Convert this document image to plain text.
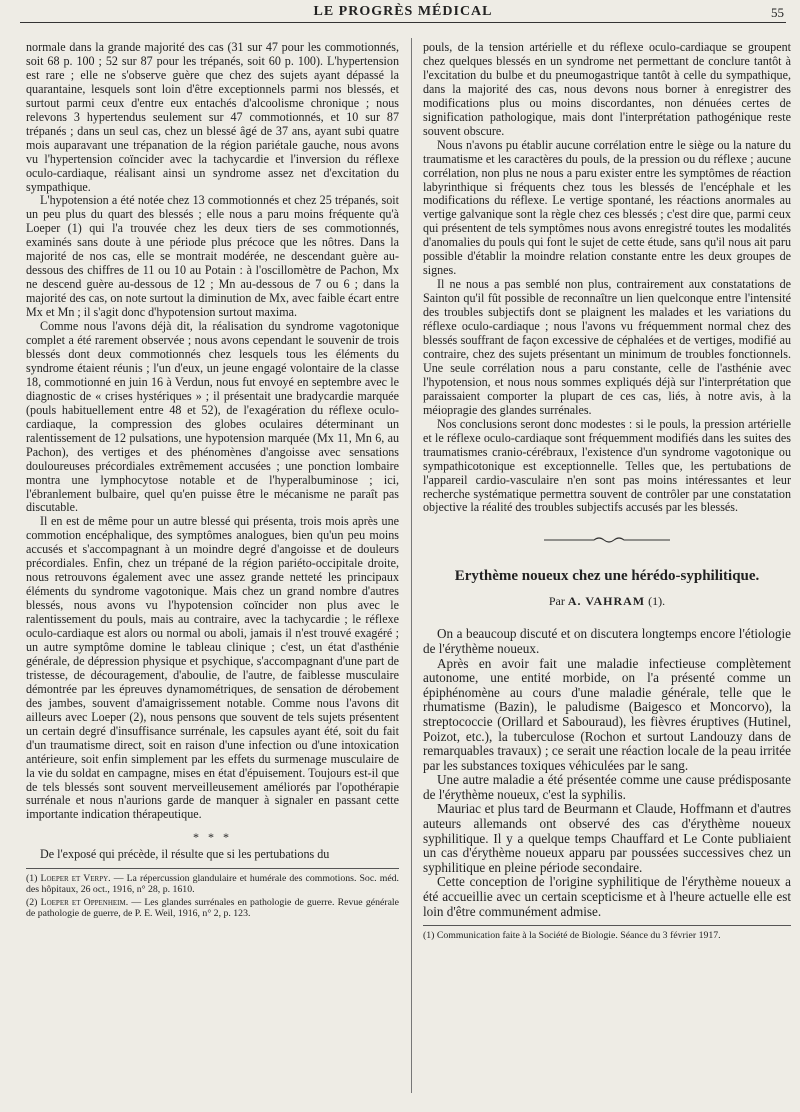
LE PROGRÈS MÉDICAL	55

normale dans la grande majorité des cas (31 sur 47 pour les commotionnés, soit 68 p. 100 ; 52 sur 87 pour les trépanés, soit 60 p. 100). L'hypertension est rare ; elle ne s'observe guère que chez des sujets ayant dépassé la quarantaine, lesquels sont loin d'être exceptionnels parmi nos blessés, et surtout parmi ceux d'entre eux entachés d'alcoolisme chronique ; nous relevons 3 hypertendus seulement sur 47 commotionnés, et 10 sur 87 trépanés ; dans un seul cas, chez un blessé âgé de 37 ans, ayant subi quatre mois auparavant une trépanation de la région pariétale gauche, nous avons vu l'hypertension coïncider avec la tachycardie et l'inversion du réflexe oculo-cardiaque, réalisant ainsi un syndrome assez net d'excitation du sympathique.

L'hypotension a été notée chez 13 commotionnés et chez 25 trépanés, soit un peu plus du quart des blessés ; elle nous a paru moins fréquente qu'à Loeper (1) qui l'a trouvée chez les deux tiers de ses commotionnés, examinés sans doute à une période plus précoce que les nôtres. Dans la majorité de nos cas, elle se montrait modérée, ne descendant guère au-dessous des chiffres de 11 ou 10 au Potain : à l'oscillomètre de Pachon, Mx ne descend guère au-dessous de 12 ; Mn au-dessous de 7 ou 6 ; dans la majorité des cas, on note surtout la diminution de Mx, avec faible écart entre Mx et Mn ; il s'agit donc d'hypotension surtout maxima.

Comme nous l'avons déjà dit, la réalisation du syndrome vagotonique complet a été rarement observée ; nous avons cependant le souvenir de trois blessés dont deux commotionnés chez lesquels tous les éléments du syndrome étaient réunis ; l'un d'eux, un jeune engagé volontaire de la classe 18, commotionné en juin 16 à Verdun, nous fut envoyé en septembre avec le diagnostic de « crises hystériques » ; il présentait une bradycardie marquée (pouls habituellement entre 48 et 52), de l'exagération du réflexe oculo-cardiaque, la compression des globes oculaires déterminant un ralentissement de 12 pulsations, une hypotension marquée (Mx 11, Mn 6, au Pachon), des vertiges et des phénomènes d'angoisse avec sensations douloureuses précordiales extrêmement accusées ; une ponction lombaire montra une lymphocytose notable et de l'hyperalbuminose ; ici, l'ébranlement bulbaire, quel qu'en puisse être le mécanisme ne paraît pas discutable.

Il en est de même pour un autre blessé qui présenta, trois mois après une commotion encéphalique, des symptômes analogues, bien qu'un peu moins accusés et s'accompagnant à un moindre degré d'angoisse et de douleurs précordiales. Enfin, chez un trépané de la région pariéto-occipitale droite, nous retrouvons également avec une assez grande netteté les principaux éléments du syndrome vagotonique. Mais chez un grand nombre d'autres blessés, nous avons vu l'hypotension coïncider non plus avec le ralentissement du pouls, mais au contraire, avec la tachycardie ; le réflexe oculo-cardiaque est alors ou normal ou aboli, jamais il n'est trouvé exagéré ; un autre symptôme domine le tableau clinique ; c'est, un état d'asthénie générale, de dépression physique et psychique, s'accompagnant d'une part de tristesse, de découragement, d'aboulie, de l'autre, de faiblesse musculaire démontrée par les épreuves dynamométriques, de sensation de dérobement des jambes, souvent d'amaigrissement notable. Comme nous l'avons dit ailleurs avec Loeper (2), nous pensons que souvent de tels sujets présentent un certain degré d'insuffisance surrénale, les capsules ayant été, soit du fait d'un traumatisme direct, soit en raison d'une infection ou d'une intoxication antérieure, soit enfin simplement par les effets du surmenage musculaire de la vie du soldat en campagne, mises en état d'épuisement. Toujours est-il que de tels blessés sont souvent merveilleusement améliorés par l'opothérapie surrénale et nous n'aurions garde de manquer à signaler en passant cette importante indication thérapeutique.

* * *

De l'exposé qui précède, il résulte que si les pertubations du

(1) Loeper et Verpy. — La répercussion glandulaire et humérale des commotions. Soc. méd. des hôpitaux, 26 oct., 1916, n° 28, p. 1610.

(2) Loeper et Oppenheim. — Les glandes surrénales en pathologie de guerre. Revue générale de pathologie de guerre, de P. E. Weil, 1916, n° 2, p. 123.

pouls, de la tension artérielle et du réflexe oculo-cardiaque se groupent chez quelques blessés en un syndrome net permettant de conclure tantôt à l'excitation du bulbe et du pneumogastrique tantôt à celle du sympathique, dans la majorité des cas, nous devons nous borner à enregistrer des modifications plus ou moins discordantes, non dénuées certes de signification pathologique, mais dont l'interprétation pathogénique reste souvent obscure.

Nous n'avons pu établir aucune corrélation entre le siège ou la nature du traumatisme et les caractères du pouls, de la pression ou du réflexe ; aucune corrélation, non plus ne nous a paru exister entre les symptômes de réaction labyrinthique si fréquents chez tous les blessés de l'encéphale et les modifications du réflexe. Le vertige spontané, les réactions anormales au vertige galvanique sont la règle chez ces blessés ; c'est dire que, parmi ceux qui présentent de tels symptômes nous avons enregistré toutes les modalités d'anomalies du pouls qui font le sujet de cette étude, sans qu'il nous ait paru possible d'établir la moindre relation constante entre les deux groupes de signes.

Il ne nous a pas semblé non plus, contrairement aux constatations de Sainton qu'il fût possible de reconnaître un lien quelconque entre l'intensité des troubles subjectifs dont se plaignent les malades et les variations du réflexe oculo-cardiaque ; nous l'avons vu fréquemment normal chez des blessés souffrant de façon excessive de céphalées et de vertiges, modifié au contraire, chez des sujets présentant un minimum de troubles fonctionnels. Une seule corrélation nous a paru constante, celle de l'asthénie avec l'hypotension, et nous nous sommes expliqués déjà sur l'interprétation que paraissaient comporter la plupart de ces cas, liés, à notre avis, à la méiopragie des glandes surrénales.

Nos conclusions seront donc modestes : si le pouls, la pression artérielle et le réflexe oculo-cardiaque sont fréquemment modifiés dans les suites des traumatismes cranio-cérébraux, l'existence d'un syndrome vagotonique ou sympathicotonique est exceptionnelle. Telles que, les pertubations de l'appareil cardio-vasculaire n'en sont pas moins intéressantes et leur recherche systématique permettra souvent de contrôler par une constatation objective la réalité des troubles subjectifs accusés par les blessés.

Erythème noueux chez une hérédo-syphilitique.
Par A. VAHRAM (1).

On a beaucoup discuté et on discutera longtemps encore l'étiologie de l'érythème noueux.

Après en avoir fait une maladie infectieuse complètement autonome, une entité morbide, on l'a présenté comme un épiphénomène au cours d'une maladie générale, telle que le rhumatisme (Bazin), le paludisme (Baigesco et Moncorvo), la streptococcie (Orillard et Sabouraud), les fièvres éruptives (Hutinel, Poizot, etc.), la tuberculose (Rochon et surtout Landouzy dans de remarquables travaux) ; ce serait une réaction locale de la peau irritée par les substances toxiques véhiculées par le sang.

Une autre maladie a été présentée comme une cause prédisposante de l'érythème noueux, c'est la syphilis.

Mauriac et plus tard de Beurmann et Claude, Hoffmann et d'autres auteurs allemands ont observé des cas d'érythème noueux syphilitique. Il y a quelque temps Chauffard et Le Conte publiaient un cas d'érythème noueux apparu par poussées successives chez un syphilitique en pleine période secondaire.

Cette conception de l'origine syphilitique de l'érythème noueux a été accueillie avec un certain scepticisme et à l'heure actuelle elle est loin d'être communément admise.

(1) Communication faite à la Société de Biologie. Séance du 3 février 1917.
